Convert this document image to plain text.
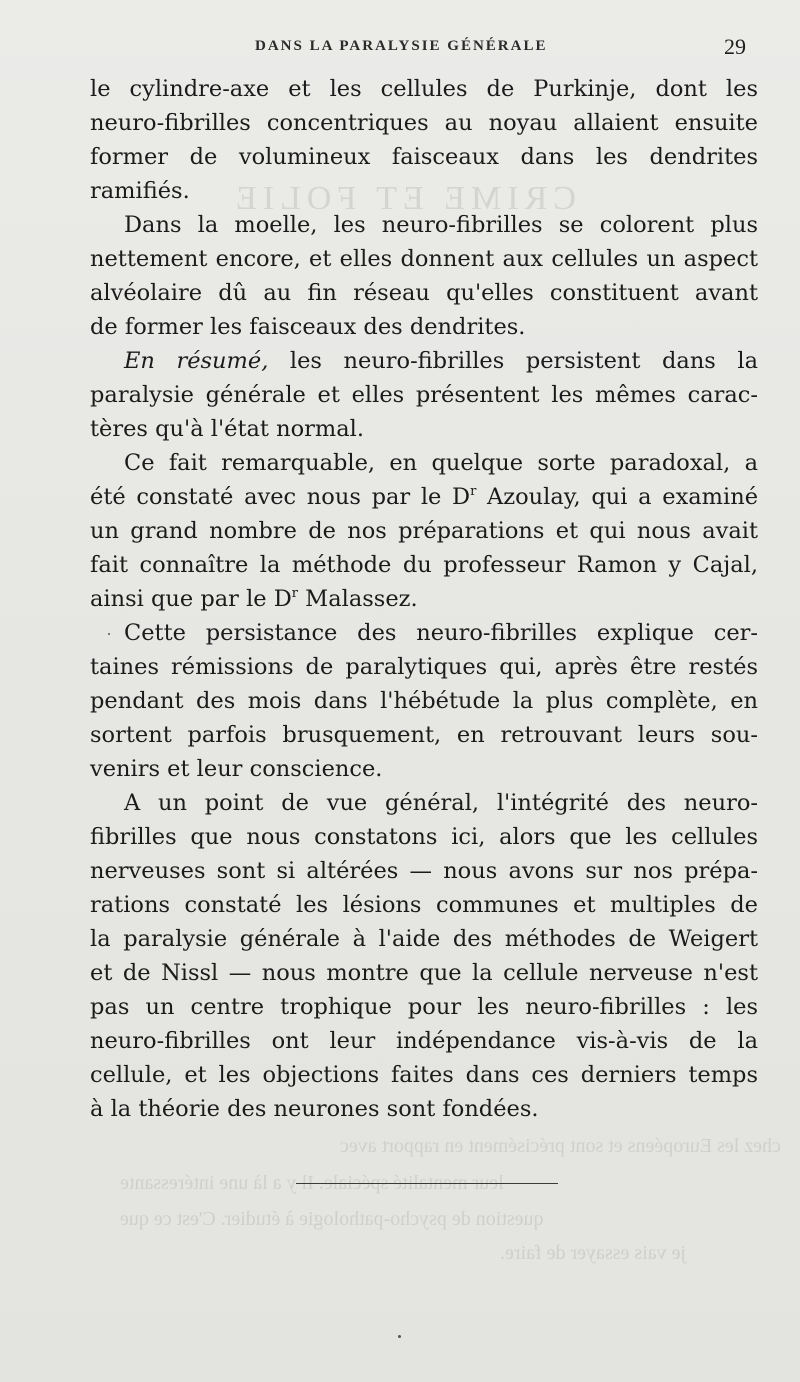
CRIME ET FOLIE
chez les Européens et sont précisément en rapport avec
leur mentalité spéciale. Il y a là une intéressante
question de psycho-pathologie à étudier. C'est ce que
je vais essayer de faire.
DANS LA PARALYSIE GÉNÉRALE	29
le cylindre-axe et les cellules de Purkinje, dont les
neuro-fibrilles concentriques au noyau allaient ensuite
former de volumineux faisceaux dans les dendrites
ramifiés.
Dans la moelle, les neuro-fibrilles se colorent plus
nettement encore, et elles donnent aux cellules un aspect
alvéolaire dû au fin réseau qu'elles constituent avant
de former les faisceaux des dendrites.
En résumé, les neuro-fibrilles persistent dans la
paralysie générale et elles présentent les mêmes carac-
tères qu'à l'état normal.
Ce fait remarquable, en quelque sorte paradoxal, a
été constaté avec nous par le $D^r$ Azoulay, qui a examiné
un grand nombre de nos préparations et qui nous avait
fait connaître la méthode du professeur Ramon y Cajal,
ainsi que par le $D^r$ Malassez.
Cette persistance des neuro-fibrilles explique cer-
taines rémissions de paralytiques qui, après être restés
pendant des mois dans l'hébétude la plus complète, en
sortent parfois brusquement, en retrouvant leurs sou-
venirs et leur conscience.
A un point de vue général, l'intégrité des neuro-
fibrilles que nous constatons ici, alors que les cellules
nerveuses sont si altérées — nous avons sur nos prépa-
rations constaté les lésions communes et multiples de
la paralysie générale à l'aide des méthodes de Weigert
et de Nissl — nous montre que la cellule nerveuse n'est
pas un centre trophique pour les neuro-fibrilles : les
neuro-fibrilles ont leur indépendance vis-à-vis de la
cellule, et les objections faites dans ces derniers temps
à la théorie des neurones sont fondées.
